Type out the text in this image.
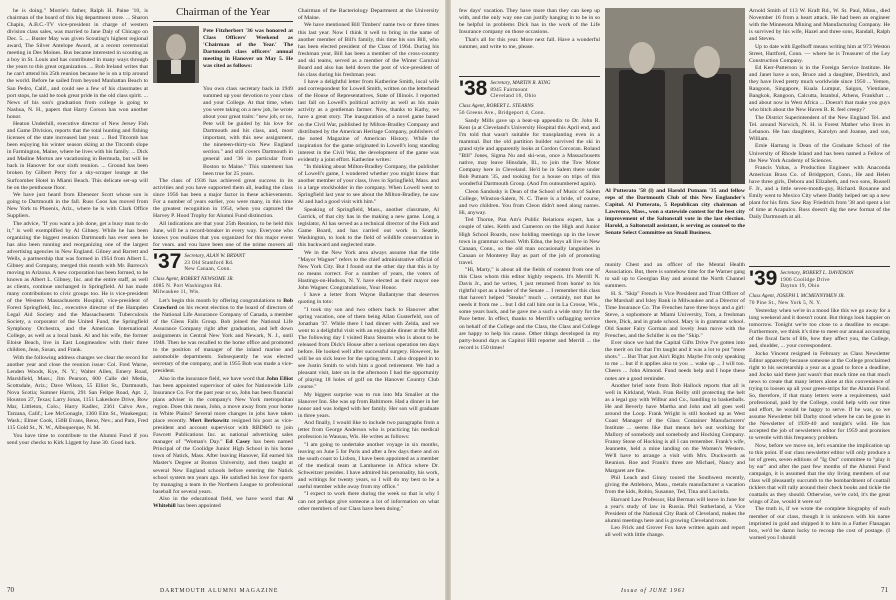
he is doing." Morrie's father, Ralph H. Paine '10, is chairman of the board of this big department store. ... Sharon Chapin, A.B.C.-TV vice-president in charge of western division class sales, was married to Jane Daly of Chicago on Dec. 5. ... Buster May was given Scouting's highest regional award, The Silver Antelope Award, at a recent ceremonial meeting in Des Moines. Bus became interested in scouting as a boy in St. Louis and has contributed in many ways through the years to this great organization. ... Bob Ireland writes that he can't attend his 25th reunion because he is on a trip around the world. Before he sailed from beyond Manhattan Beach to San Pedro, Calif., and could see a few of his classmates at port stops, he said he took great pride in the old class spirit. ... News of his son's graduation from college is going to Nashua, N. H., papers that Harry Corson has won another honor.

Heaton Underhill, executive director of New Jersey Fish and Game Division, reports that the total hunting and fishing licenses of the state increased last year. ... Rod Titcomb has been enjoying his winter season skiing at the Titcomb slope in Farmington, Maine, where he lives with his family. ... Dick and Madine Morton are vacationing in Bermuda, but will be back in Hanover for our sixth reunion. ... Ground has been broken by Gilbert Perry for a sky-scraper lounge at the Surfcomber Hotel in Miami Beach. This delicate set-up will be on the penthouse floor.

We have just heard from Ebenezer Scott whose son is going to Dartmouth in the fall. Russ Coos has moved from New York to Phoenix, Ariz., where he is with Clark Office Suppliers.

The advice, "If you want a job done, get a busy man to do it," is well exemplified by Al Gibney. While he has been organizing the biggest reunion Dartmouth has ever seen he has also been running and reorganizing one of the largest advertising agencies in New England. Gilney and Barrett and Wells, a partnership that was formed in 1954 from Albert L. Gibney and Company, merged this month with Mr. Barreca's moving to Arizona. A new corporation has been formed, to be known as Albert L. Gibney, Inc. and the entire staff, as well as clients, continue unchanged in Springfield. Al has made many contributions to civic groups too. He is vice-president of the Western Massachusetts Hospital, vice-president of Forest Springfield, Inc., executive director of the Hampden Legal Aid Society and the Massachusetts Tuberculosis Society, a corporator of the United Fund, the Springfield Symphony Orchestra, and the American International College, as well as a local bank. Al and his wife, the former Eloise Beach, live in East Longmeadow with their three children, Jean, Susan, and Frank.

With the following address changes we clear the record for another year and close the reunion issue: Col. Fred Warne, Lenden Woods, Kye, N. Y.; Walter Allen, Emery Road, Marshfield, Mass.; Jim Pearson, 600 Calle del Media, Scottsdale, Ariz.; Dave Wilson, 55 Elliot St., Dartmouth, Nova Scotia; Sumner Harris, 291 San Felipe Road, Apt. 2, Houston 27, Texas; Larry Jonas, 1151 Lakeshore Drive, Bow Mar, Littleton, Colo.; Harry Kadlec, 2361 Calvo Ave., Tarzana, Calif.; Lee McGonagle, 1360 Elm St., Waukeegan; Wash.; Elmer Cook, 150B Evans, Reno, Nev.; and Pam, Fred 115 Gold St., N. W., Albuquerque, N. M.

You have time to contribute to the Alumni Fund if you send your checks to Kirk Liggett by June 30. Good luck.

Chairman of the Year

Pete Fitzherbert '36 was honored at Class Officers' Weekend as 'Chairman of the Year.' The Dartmouth class officers' annual meeting in Hanover on May 5. He was cited as follows:

You own class secretary back in 1949 summed up your devotion to your class and your College. At that time, when you were taking on a new job, he wrote about your great traits: "new job, or no, Pete will be guided by his love for Dartmouth and his class, and, most important, with this new assignment, the nineteen-thirty-six New England section." and still covers Dartmouth in general and '36 in particular from Boston to Maine." This statement has been true for 25 years.

The class of 1936 has achieved great success in its activities and you have supported them all, leading the class since 1956 has been a major factor in these achievements. For a number of years earlier, you were many, in this time the greatest recognition in 1954, when you captured the Harvey P. Hood Trophy for Alumni Fund distinction.

All indications are that your 25th Reunion, to be held this June, will be a record-breaker in every way. Everyone who knows you realizes that you organized for this major event for years, and you have been one of the prime movers all

'37 Secretary, ALAN W. BRYANT
23 Old Stamford Rd.
New Canaan, Conn.
Class Agent, ROBERT NEWSOME JR.
4085 N. Port Washington Rd.
Milwaukee 11, Wis.

Let's begin this month by offering congratulations to Bob Crawford on his recent election to the board of directors of the National Life Assurance Company of Canada, a member of the Glens Falls Group. Bob joined the National Life Assurance Company right after graduation, and left down assignments in Central New York and Newark, N. J., until 1948. Then he was recalled to the home office and promoted to the position of manager of the inland marine and automobile departments. Subsequently he was elected secretary of the company, and in 1955 Bob was made a vice-president.

Also in the insurance field, we have word that John Elliot has been appointed supervisor of sales for Nationwide Life Insurance Co. For the past year or so, John has been financial plans adviser in the company's New York metropolitan region. Does this mean, John, a move away from your home in White Plains? Several more changes in jobs have taken place recently. Mert Berkowitz resigned his post as vice-president and account supervisor with RBD&O to join Fawcett Publications Inc. as national advertising sales manager of "Woman's Day." Ed Casey has been named Principal of the Coolidge Junior High School in his home town of Natick, Mass. After leaving Hanover, Ed earned his Master's Degree at Boston University, and then taught at several New England schools before entering the Natick school system ten years ago. He satisfied his love for sports by managing a team in the Northern League to professional baseball for several years.

Also in the educational field, we have word that Al Whitehill has been appointed

Chairman of the Bacteriology Department at the University of Maine.

We have mentioned Bill Timbers' name two or three times this last year. Now I think it well to bring in the name of another member of Bill's family, this time his son Bill, who has been elected president of the Class of 1964. During his freshman year, Bill has been a member of the cross-country and ski teams, served as a member of the Winter Carnival Board and also has held down the post of vice-president of his class during his freshman year.

I have a delightful letter from Katherine Smith, local wife and correspondent for Lowell Smith, written on the letterhead of the House of Representatives, State of Illinois. I reported last fall on Lowell's political activity as well as his main activity as a gentleman farmer. Now, thanks to Kathy, we have a great story. The inauguration of a novel game based on the Civil War, published by Milton-Bradley Company and distributed by the American Heritage Company, publishers of the noted Magazine of American History. While the inspiration for the game originated in Lowell's long standing interest in the Civil War, the development of the game was evidently a joint effort. Katherine writes:

"In thinking about Milton-Bradley Company, the publisher of Lowell's game, I wondered whether you might know that another member of your class, lives in Springfield, Mass. and is a large stockholder in the company. When Lowell went to Springfield last year to see about the Milton-Bradley, he saw Al and had a good visit with him."

Speaking of Springfield, Mass., another classmate, Al Garrick, of that city has in the making a new game. Long a legislator, Al has served as a technical director of the Fish and Game Board, and has carried out work in Seattle, Washington, to look to the field of wildlife conservation in this backward and neglected state.

We in the New York area always assume that the title "Mayor Wagner" refers to the chief administrative official of New York City. But I found out the other day that this is by no means correct. For a number of years, the voters of Hastings-on-Hudson, N. Y. have elected as their mayor one John Wagner. Congratulations, Your Honor.

I have a letter from Wayne Ballantyne that deserves quoting in toto:

"I took my son and two others back to Hanover after spring vacation, one of them being Allan Gusterfeld, son of Jonathan '37. While there I had dinner with Zelda, and we went to a delightful visit with an enjoyable dinner at the Mill. The following day I visited Russ Stearns who is about to be released from Dick's House after a serious operation ten days before. He looked well after successful surgery. However, he will be on sick leave for the spring term. I also dropped in to see Justin Smith to wish him a good retirement. We had a pleasant visit, later on in the afternoon I had the opportunity of playing 18 holes of golf on the Hanover Country Club course."

My biggest surprise was to run into Ma Smaller at the Hanover Inn. She was up from Baltimore. Had a dinner in her honor and was lodged with her family. Her son will graduate in three years.

And finally, I would like to include two paragraphs from a letter from George Anderson who is practicing his medical profession in Wausau, Wis. He writes as follows:

"I am going to undertake another voyage in six months, leaving on June 5 for Paris and after a few days there and on the south coast to Lisbon, I have been appointed as a member of the medical team at Lambarene in Africa where Dr. Schweitzer presides. I have admired his personality, his work, and writings for twenty years, so I will do my best to be a useful member while away from my office."

"I expect to work there during the week so that is why I can not perhaps give someone a lot of information on what other members of our Class have been doing."

70	DARTMOUTH ALUMNI MAGAZINE

few days' vacation. They have more than they can keep up with, and the only way one can justify hanging in to be in so be helpful in problems Dick has in the work of the Life Insurance company on those occasions.

That's all for this year. More next fall. Have a wonderful summer, and write to me, please.

'38 Secretary, MARTIN R. KING
8945 Fairmount
Cleveland 16, Ohio
Class Agent, ROBERT L. STEARNS
56 Greens Ave., Bridgeport 4, Conn.

Sandy Mills gave up a beat-up appendix to Dr. John R. Kent (a at Cleveland's University Hospital this April end, and I'm told that wasn't suitable for transplanting even in a mammal. But the old partition builder survived the ski in grand style and apparently looks at Cordon Corcoran. Roland "Bill" Jones, Sigma Nu and ski-wus, once a Massachusetts native, may leave Hinsdale, Ill., to join the Tow Motor Company here in Cleveland. He'd be in Salem there under Bob Putnam '35, and tooking for a house on trips of this wonderful Dartmouth Group. (And I'm outnumbered again).

Cleon Sandusky is Dean of the School of Music of Salem College, Winston-Salem, N. C. There is a bride, of course, and two children. You from Cleon didn't need along names. Hi, anyway.

Ted Thorne, Pan Am's Public Relations expert, has a couple of tales. Keith and Cameron on the High and Junior High School Boards, now holding meetings up in the lower town in grammar school. With Edna, the boys all live in New Canaan, Conn., so the old man occasionally languishes in Canaan or Monterey Bay as part of the job of promoting travel.

"Hi, Marty," is about all the fields of content from one of this Class whom this editor highly respects. It's Merrill N. Davis Jr., and he writes, 'I just returned from home' to his rightful spot as a leader of the Senate ... I remember this class that haven't helped "Steaks" much ... certainly, not that he needs it from me ... but I did call him out in La Crosse, Wis., some years back, and he gave me a such a wide story for the Pace better. In effect, thanks to Merrill's unflagging service on behalf of the College and the Class, the Class and College are happy to help his cause. Other things developed in my party-bound days as Capitol Hill reporter and Merrill ... the record is 150 times!

Al Putterato '58 (l) and Harold Putnam '35 and fellow reps of the Dartmouth Club of this New Englander's Capitol. Al Putterato, 5 Republican city chairman of Lawrence, Mass., won a statewide contest for the best city improvement of the Saltonstall vote in the last election. Harold, a Saltonstall assistant, is serving as counsel to the Senate Select Committee on Small Business.

munity Chest and an officer of the Mental Health Association. But, there is somehow time for the Warner gang to sail up to Georgian Bay and around the North Channel summers.

H. S. "Skip" French is Vice President and Trust Officer of the Marshall and Isley Bank in Milwaukee and a Director of Time Insurance Co. The Frenches have three boys and a girl: Steve, a sophomore at Miami University, Tom, a freshman there, Dick, and in grade school. Mary is in grammar school. Old Sauter Fairy Gorman and lovely Jean move with the Frenches, and the Schiller is on the "Skip."

Ever since we had the Capital Gifts Drive I've gotten into the merit on list that I'm taught and it was a lot to put "more shots." ... But That just Ain't Right. Maybe I'm only speaking to me ... but if it applies also to you ... wake up ... I will too. Cheers ... John Almond. Fund needs help and I hope these notes are a good reminder.

Another brief note from Bob Hallock reports that all is well in Kirkland, Wash. Fran Reilly still protecting the belt as a legal guy with Wilbur and Co., handling to basketballs. He and Beverly have Martha and John and all goes well around the Loop. Frank Wright is still hooked up as West Coast Manager of the Glass Container Manufacturers' Institute ... seems like that means he's out working for Mallory of somebody and somebody and Hocking Company. Franny Stone of Hocking is all I can remember. Frank's wife, Jeannette, held a mine landing on the Women's Western. We'll have to arrange a visit with Mrs. Duckworth as Reunion. Roe and Frank's three are Michael, Nancy and Margaret are fine.

Phil Leach and Ginny toured the Southwest recently, giving the Attleboro, Mass., metals manufacturer a vacation from the kids, Robin, Susanne, Ted, Tina and Lucinda.

Harvard Law Professor, Hal Berman will leave in June for a year's study of law in Russia. Phil Sutherland, a Vice President of the National City Bank of Cleveland, makes the alumni meetings here and is growing Cleveland roots.

Leo Frick and Grover Fox have written again and report all well with little change.

Arnold Smith of 113 W. Kraft Rd., W. St. Paul, Minn., died November 16 from a heart attack. He had been an engineer with the Minnesota Mining and Manufacturing Company. He is survived by his wife, Hazel and three sons, Randall, Ralph and Steven.

Up to date with Egelhoff means writing him at 973 Weston Street, Hartford, Conn. — where he is Treasurer of the Ley Construction Company.

Ed Kerr-Patterson is in the Foreign Service Institute. He and Janet have a son, Bruce and a daughter, Dierdrich, and they have lived pretty much worldwide since 1950 ... Yemen, Rangoon, Singapore, Kuala Lumpur, Saigon, Vientiane, Bangkok, Rangoon, Calcutta, Istanbul, Athens, Frankfurt ... and about now in West Africa ... Doesn't that make you guys who bitch about the New Haven R. R. feel creepy?

The District Superintendent of the New England Tel. and Tel. around Norwich, N. H. is Forest Mather who lives in Lebanon. He has daughters, Karolyn and Joanne, and son, William.

Ernie Hartung is Dean of the Graduate School of the University of Rhode Island and has been named a Fellow of the New York Academy of Sciences.

Francis Yuhas, a Production Engineer with Anaconda American Brass Co. of Bridgeport, Conn., He and Helen have three girls, Debora and Elizabeth, and two sons, Russell F. Jr., and a little seven-month-guy, Richard. Roxanne and Emily went to Mexico City where Daddy helped set up a new plant for his firm. Saw Ray Friedrich from '38 and spent a lot of time at Acapulco. Russ doesn't dig the new format of the Daily Dartmouth at all.

'39 Secretary, ROBERT L. DAVIDSON
1906 Coolidge Drive
Dayton 19, Ohio
Class Agent, JOSEPH I. MCMENNYMEN JR.
70 Pine St., New York 5, N. Y.

Yesterday when we're in a mood like this we go away for a long weekend and it doesn't count. But things look happier on tomorrow. Tonight we're too close to a deadline to escape. Furthermore, we think it's time to meet our annual accounting of the fiscal facts of life, how they affect you, the College, and, shudder, ... your correspondent.

Jocko Vincent resigned in February as Class Newsletter Editor apparently because someone at the College proclaimed right to his secretarship a year as a goad to force a deadline, and Jocko said there just wasn't that much time on that much news to create that many letters alone at this convenience of trying to loosen up all your green-strips for the Alumni Fund. So, therefore, if that many letters were a requirement, said professional, paid by the College, could help with our time and effort, he would be happy to serve. If he was, so we assume Newsletter bill Darby stood where he can be gone in the Newsletter of 1939-40 and tonight's wild. He has accepted the job of newsletters editor for 1959 and promises to wrestle with this frequency problem.

Now, before we move on, let's examine the implication up to this point. If our class newsletter editor will only produce a lot of green, seven editions of "Ig Out" committee to "play it by ear" and after the past few months of the Alumni Fund campaign, it is assumed that the shy living members of our class will pleasantly succumb to the bombardment of coattail ticklers that will rally around their check books and tickle the coattails as they should. Otherwise, we're cold, it's the great wings of Zoe, would it were so!

The truth is, if we wrote the complete biography of each member of our class, though it is unknown with his name imprinted in gold and shipped it to him in a Father Flanagan box, we'd be damn lucky to recoup the cost of postage. (I warned you I should

Issue of JUNE 1961	71
